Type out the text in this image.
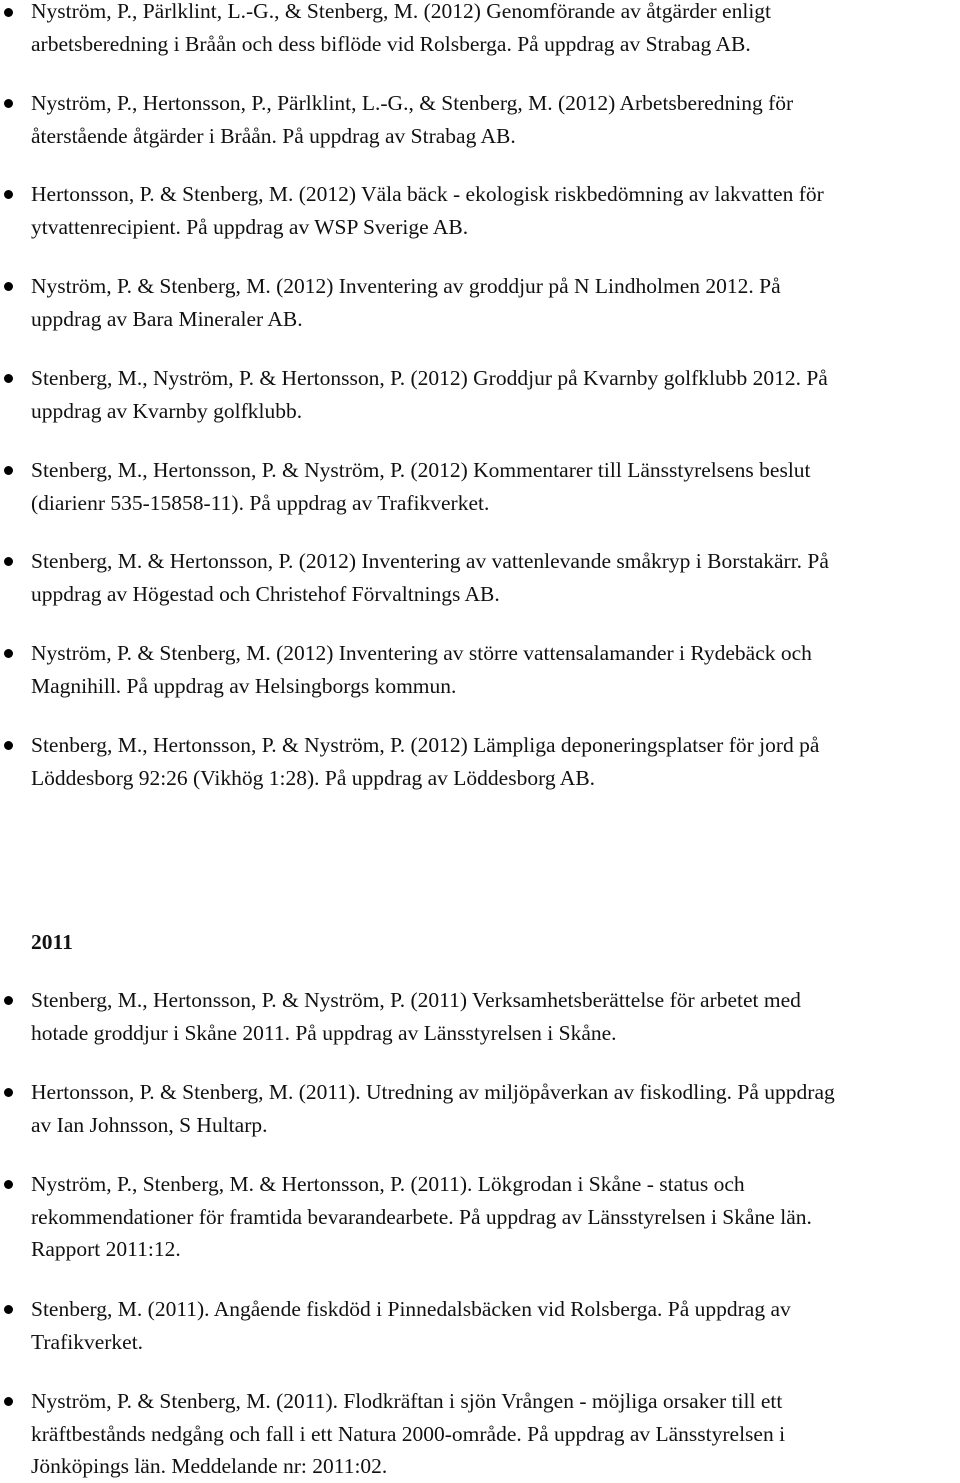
Nyström, P., Pärlklint, L.-G., & Stenberg, M. (2012) Genomförande av åtgärder enligt
arbetsberedning i Bråån och dess biflöde vid Rolsberga. På uppdrag av Strabag AB.
Nyström, P., Hertonsson, P., Pärlklint, L.-G., & Stenberg, M. (2012) Arbetsberedning för
återstående åtgärder i Bråån. På uppdrag av Strabag AB.
Hertonsson, P. & Stenberg, M. (2012) Väla bäck - ekologisk riskbedömning av lakvatten för
ytvattenrecipient. På uppdrag av WSP Sverige AB.
Nyström, P. & Stenberg, M. (2012) Inventering av groddjur på N Lindholmen 2012. På
uppdrag av Bara Mineraler AB.
Stenberg, M., Nyström, P. & Hertonsson, P. (2012) Groddjur på Kvarnby golfklubb 2012. På
uppdrag av Kvarnby golfklubb.
Stenberg, M., Hertonsson, P. & Nyström, P. (2012) Kommentarer till Länsstyrelsens beslut
(diarienr 535-15858-11). På uppdrag av Trafikverket.
Stenberg, M. & Hertonsson, P. (2012) Inventering av vattenlevande småkryp i Borstakärr. På
uppdrag av Högestad och Christehof Förvaltnings AB.
Nyström, P. & Stenberg, M. (2012) Inventering av större vattensalamander i Rydebäck och
Magnihill. På uppdrag av Helsingborgs kommun.
Stenberg, M., Hertonsson, P. & Nyström, P. (2012) Lämpliga deponeringsplatser för jord på
Löddesborg 92:26 (Vikhög 1:28). På uppdrag av Löddesborg AB.
2011
Stenberg, M., Hertonsson, P. & Nyström, P. (2011) Verksamhetsberättelse för arbetet med
hotade groddjur i Skåne 2011. På uppdrag av Länsstyrelsen i Skåne.
Hertonsson, P. & Stenberg, M. (2011). Utredning av miljöpåverkan av fiskodling. På uppdrag
av Ian Johnsson, S Hultarp.
Nyström, P., Stenberg, M. & Hertonsson, P. (2011). Lökgrodan i Skåne - status och
rekommendationer för framtida bevarandearbete. På uppdrag av Länsstyrelsen i Skåne län.
Rapport 2011:12.
Stenberg, M. (2011). Angående fiskdöd i Pinnedalsbäcken vid Rolsberga. På uppdrag av
Trafikverket.
Nyström, P. & Stenberg, M. (2011). Flodkräftan i sjön Vrången - möjliga orsaker till ett
kräftbestånds nedgång och fall i ett Natura 2000-område. På uppdrag av Länsstyrelsen i
Jönköpings län. Meddelande nr: 2011:02.
